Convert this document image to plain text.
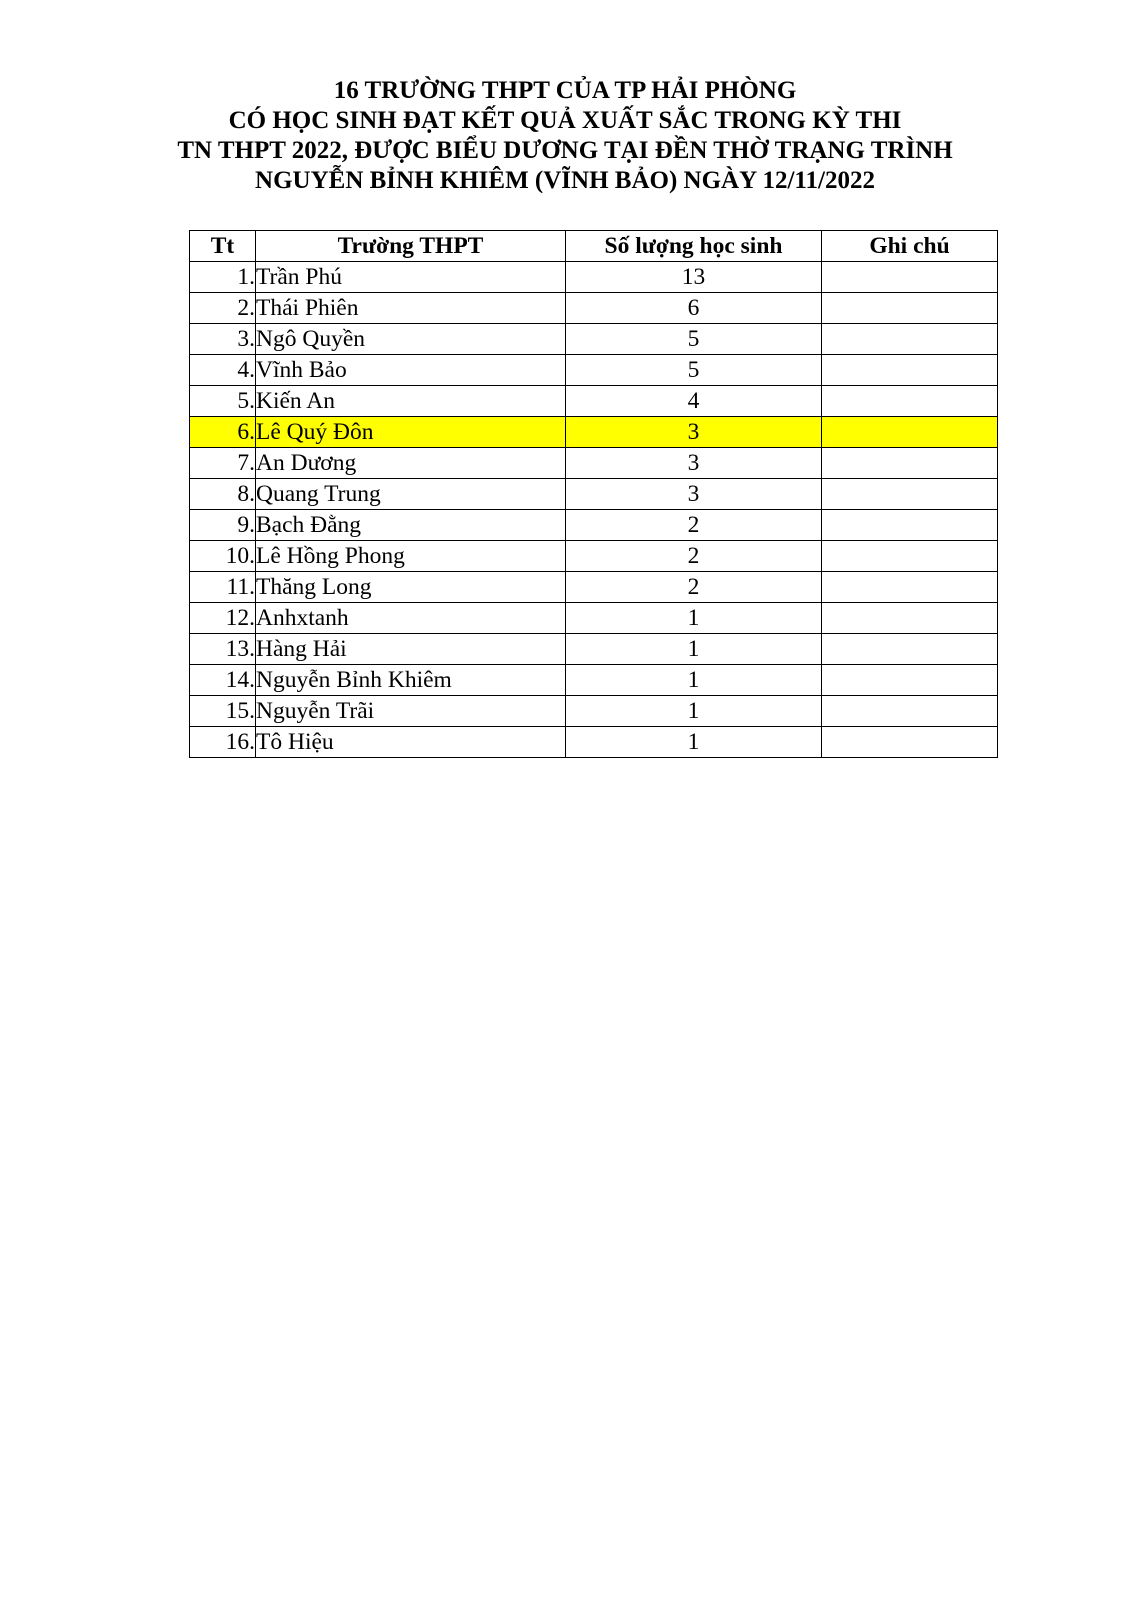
16 TRƯỜNG THPT CỦA TP HẢI PHÒNG
CÓ HỌC SINH ĐẠT KẾT QUẢ XUẤT SẮC TRONG KỲ THI
TN THPT 2022, ĐƯỢC BIỂU DƯƠNG TẠI ĐỀN THỜ TRẠNG TRÌNH
NGUYỄN BỈNH KHIÊM (VĨNH BẢO) NGÀY 12/11/2022
Tt	Trường THPT	Số lượng học sinh	Ghi chú
1.	Trần Phú	13	
2.	Thái Phiên	6	
3.	Ngô Quyền	5	
4.	Vĩnh Bảo	5	
5.	Kiến An	4	
6.	Lê Quý Đôn	3	
7.	An Dương	3	
8.	Quang Trung	3	
9.	Bạch Đằng	2	
10.	Lê Hồng Phong	2	
11.	Thăng Long	2	
12.	Anhxtanh	1	
13.	Hàng Hải	1	
14.	Nguyễn Bỉnh Khiêm	1	
15.	Nguyễn Trãi	1	
16.	Tô Hiệu	1	
